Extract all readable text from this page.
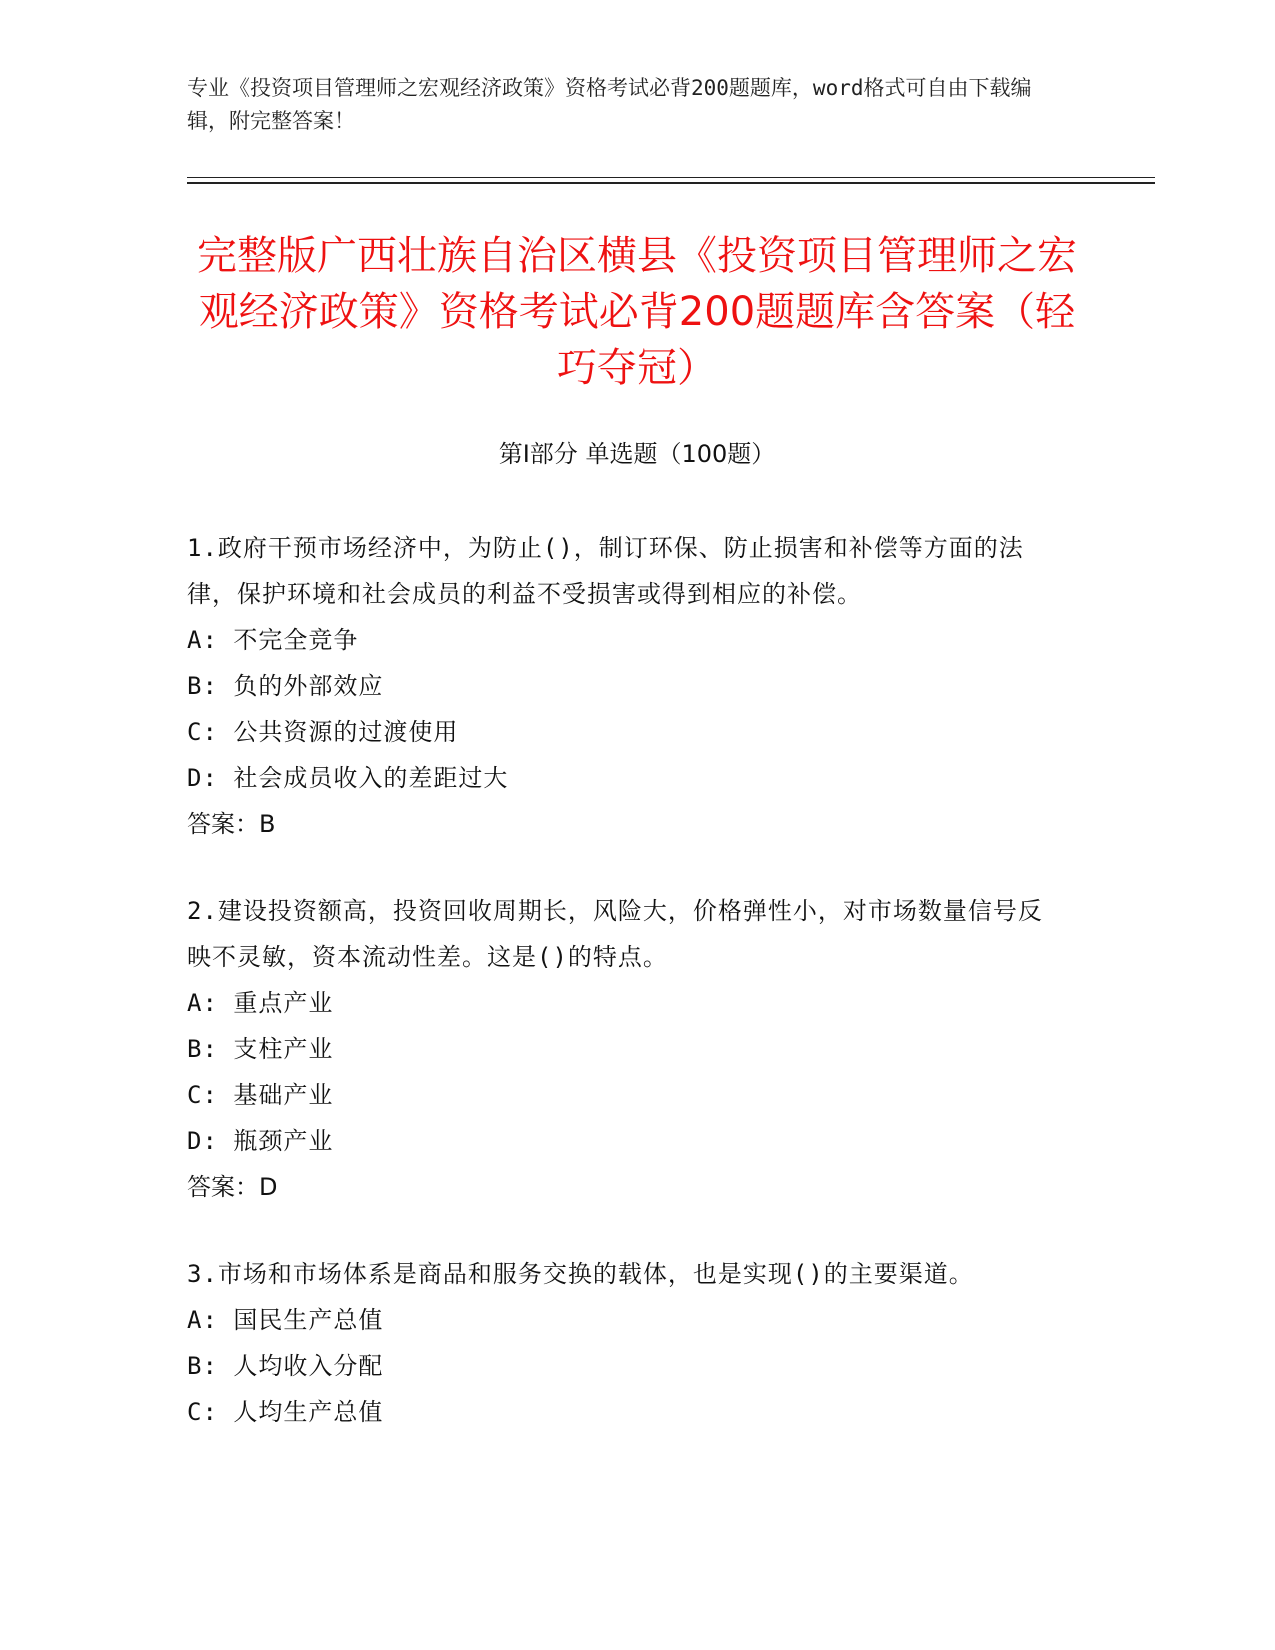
专业《投资项目管理师之宏观经济政策》资格考试必背200题题库，word格式可自由下载编辑，附完整答案！
完整版广西壮族自治区横县《投资项目管理师之宏观经济政策》资格考试必背200题题库含答案（轻巧夺冠）
第I部分 单选题（100题）
1.政府干预市场经济中，为防止()，制订环保、防止损害和补偿等方面的法律，保护环境和社会成员的利益不受损害或得到相应的补偿。
A: 不完全竞争
B: 负的外部效应
C: 公共资源的过渡使用
D: 社会成员收入的差距过大
答案：B
2.建设投资额高，投资回收周期长，风险大，价格弹性小，对市场数量信号反映不灵敏，资本流动性差。这是()的特点。
A: 重点产业
B: 支柱产业
C: 基础产业
D: 瓶颈产业
答案：D
3.市场和市场体系是商品和服务交换的载体，也是实现()的主要渠道。
A: 国民生产总值
B: 人均收入分配
C: 人均生产总值
